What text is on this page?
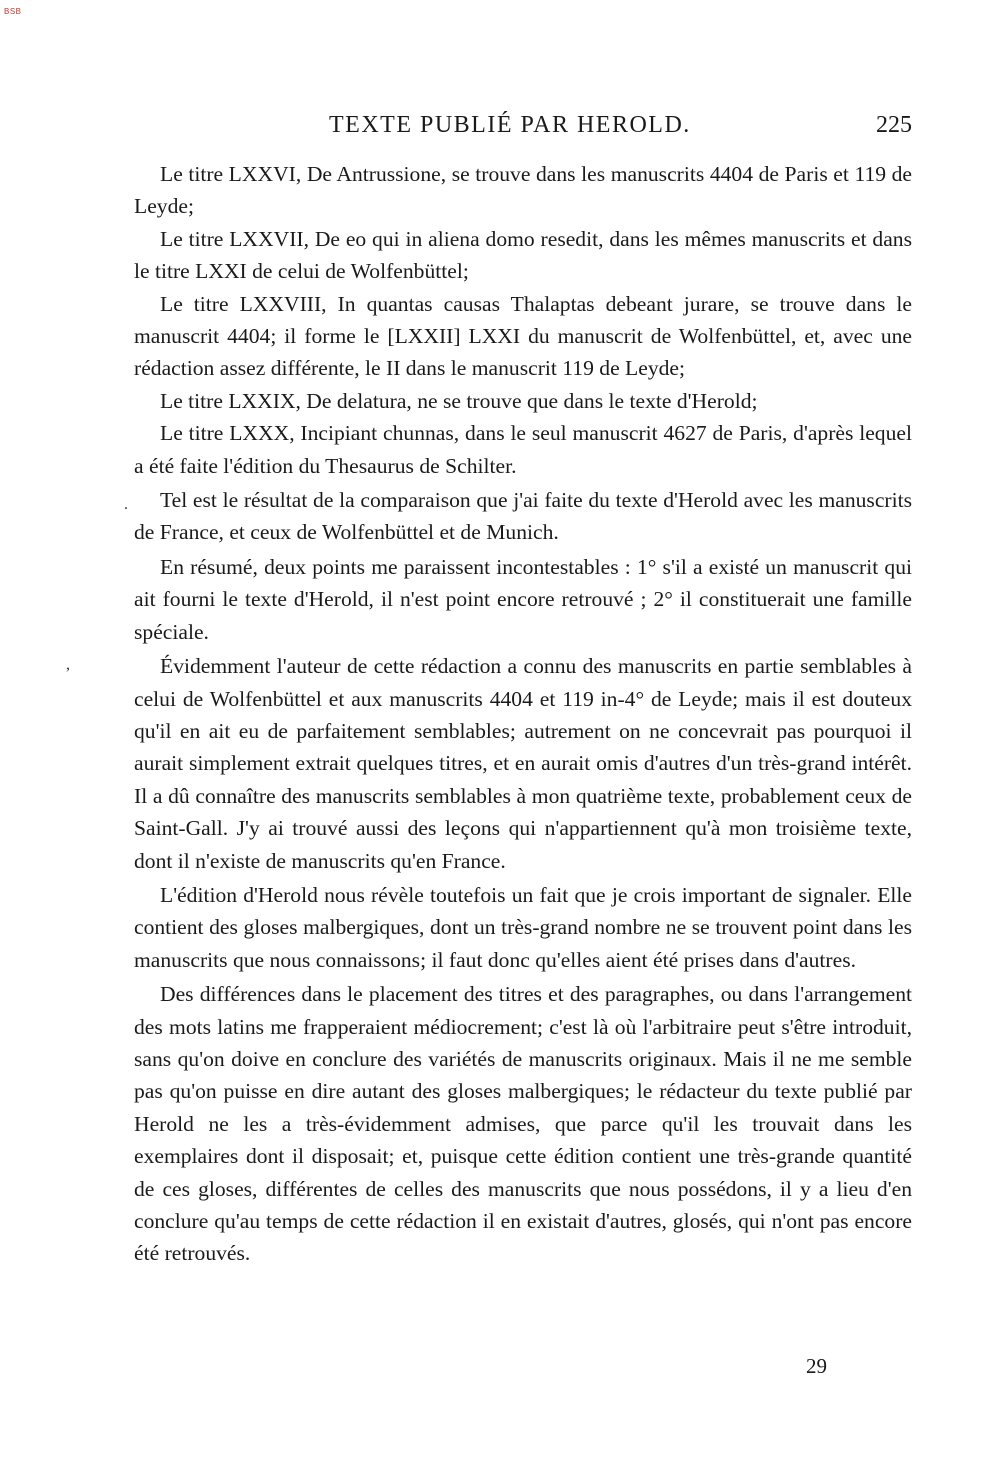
BSB
TEXTE PUBLIÉ PAR HEROLD.	225

Le titre LXXVI, De Antrussione, se trouve dans les manuscrits 4404 de Paris et 119 de Leyde;

Le titre LXXVII, De eo qui in aliena domo resedit, dans les mêmes manuscrits et dans le titre LXXI de celui de Wolfenbüttel;

Le titre LXXVIII, In quantas causas Thalaptas debeant jurare, se trouve dans le manuscrit 4404; il forme le [LXXII] LXXI du manuscrit de Wolfenbüttel, et, avec une rédaction assez différente, le II dans le manuscrit 119 de Leyde;

Le titre LXXIX, De delatura, ne se trouve que dans le texte d'Herold;

Le titre LXXX, Incipiant chunnas, dans le seul manuscrit 4627 de Paris, d'après lequel a été faite l'édition du Thesaurus de Schilter.

Tel est le résultat de la comparaison que j'ai faite du texte d'Herold avec les manuscrits de France, et ceux de Wolfenbüttel et de Munich.

En résumé, deux points me paraissent incontestables : 1° s'il a existé un manuscrit qui ait fourni le texte d'Herold, il n'est point encore retrouvé ; 2° il constituerait une famille spéciale.

Évidemment l'auteur de cette rédaction a connu des manuscrits en partie semblables à celui de Wolfenbüttel et aux manuscrits 4404 et 119 in-4° de Leyde; mais il est douteux qu'il en ait eu de parfaitement semblables; autrement on ne concevrait pas pourquoi il aurait simplement extrait quelques titres, et en aurait omis d'autres d'un très-grand intérêt. Il a dû connaître des manuscrits semblables à mon quatrième texte, probablement ceux de Saint-Gall. J'y ai trouvé aussi des leçons qui n'appartiennent qu'à mon troisième texte, dont il n'existe de manuscrits qu'en France.

L'édition d'Herold nous révèle toutefois un fait que je crois important de signaler. Elle contient des gloses malbergiques, dont un très-grand nombre ne se trouvent point dans les manuscrits que nous connaissons; il faut donc qu'elles aient été prises dans d'autres.

Des différences dans le placement des titres et des paragraphes, ou dans l'arrangement des mots latins me frapperaient médiocrement; c'est là où l'arbitraire peut s'être introduit, sans qu'on doive en conclure des variétés de manuscrits originaux. Mais il ne me semble pas qu'on puisse en dire autant des gloses malbergiques; le rédacteur du texte publié par Herold ne les a très-évidemment admises, que parce qu'il les trouvait dans les exemplaires dont il disposait; et, puisque cette édition contient une très-grande quantité de ces gloses, différentes de celles des manuscrits que nous possédons, il y a lieu d'en conclure qu'au temps de cette rédaction il en existait d'autres, glosés, qui n'ont pas encore été retrouvés.

29
,
.
